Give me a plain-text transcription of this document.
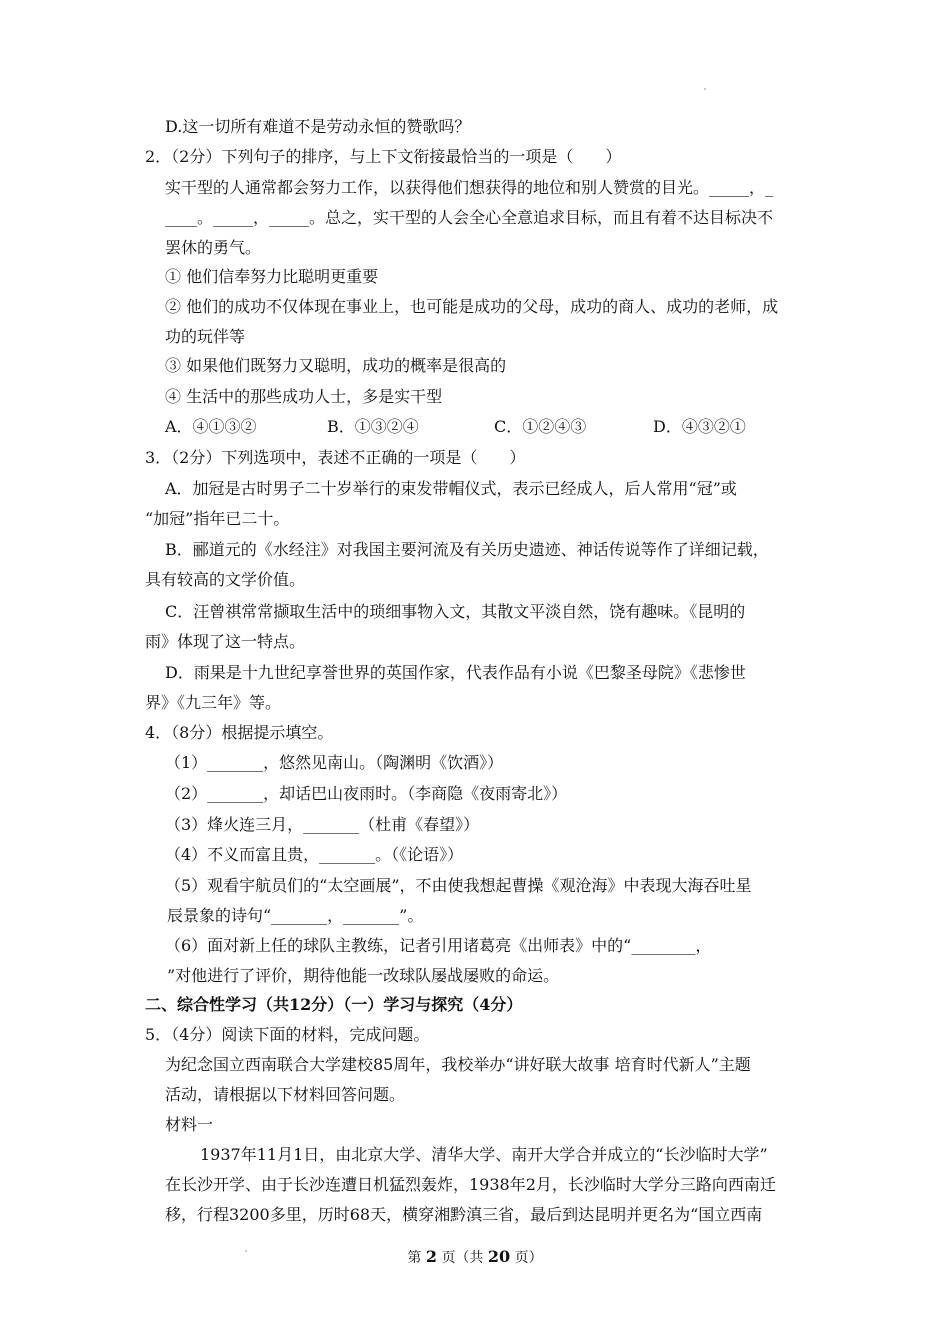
D.这一切所有难道不是劳动永恒的赞歌吗？
2．（2分）下列句子的排序，与上下文衔接最恰当的一项是（　　）
实干型的人通常都会努力工作，以获得他们想获得的地位和别人赞赏的目光。_____，_
____。_____，_____。总之，实干型的人会全心全意追求目标，而且有着不达目标决不
罢休的勇气。
① 他们信奉努力比聪明更重要
② 他们的成功不仅体现在事业上，也可能是成功的父母，成功的商人、成功的老师，成
功的玩伴等
③ 如果他们既努力又聪明，成功的概率是很高的
④ 生活中的那些成功人士，多是实干型
A．④①③②	B．①③②④	C．①②④③	D．④③②①
3．（2分）下列选项中，表述不正确的一项是（　　）
A．加冠是古时男子二十岁举行的束发带帽仪式，表示已经成人，后人常用“冠”或
“加冠”指年已二十。
B．郦道元的《水经注》对我国主要河流及有关历史遗迹、神话传说等作了详细记载，
具有较高的文学价值。
C．汪曾祺常常撷取生活中的琐细事物入文，其散文平淡自然，饶有趣味。《昆明的
雨》体现了这一特点。
D．雨果是十九世纪享誉世界的英国作家，代表作品有小说《巴黎圣母院》《悲惨世
界》《九三年》等。
4．（8分）根据提示填空。
（1）_______，悠然见南山。（陶渊明《饮酒》）
（2）_______，却话巴山夜雨时。（李商隐《夜雨寄北》）
（3）烽火连三月，_______（杜甫《春望》）
（4）不义而富且贵，_______。（《论语》）
（5）观看宇航员们的“太空画展”，不由使我想起曹操《观沧海》中表现大海吞吐星
辰景象的诗句“_______，_______”。
（6）面对新上任的球队主教练，记者引用诸葛亮《出师表》中的“________，
”对他进行了评价，期待他能一改球队屡战屡败的命运。
二、综合性学习（共12分）（一）学习与探究（4分）
5．（4分）阅读下面的材料，完成问题。
为纪念国立西南联合大学建校85周年，我校举办“讲好联大故事 培育时代新人”主题
活动，请根据以下材料回答问题。
材料一
1937年11月1日，由北京大学、清华大学、南开大学合并成立的“长沙临时大学”
在长沙开学、由于长沙连遭日机猛烈轰炸，1938年2月，长沙临时大学分三路向西南迁
移，行程3200多里，历时68天，横穿湘黔滇三省，最后到达昆明并更名为“国立西南
第 2 页（共 20 页）
